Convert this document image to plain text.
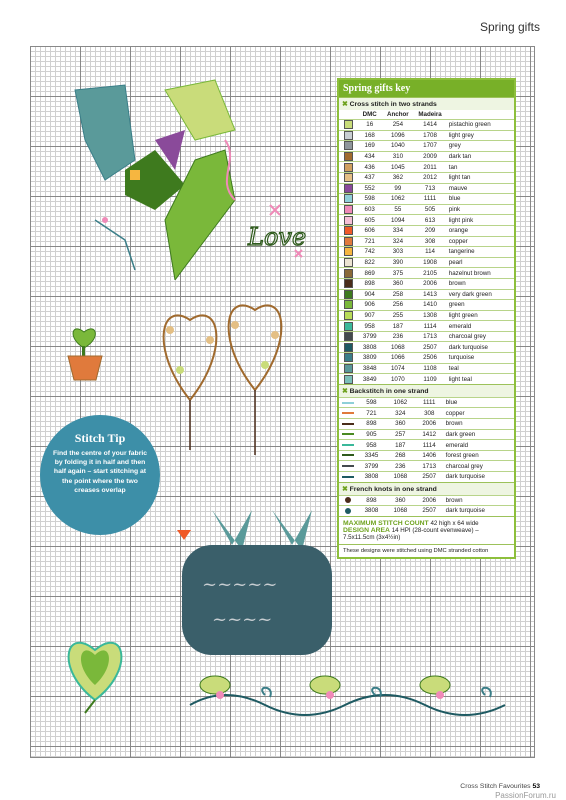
Spring gifts
Love
~~~~~
~~~~
Spring gifts key
✖ Cross stitch in two strands
	DMC	Anchor	Madeira	
	16	254	1414	pistachio green
	168	1096	1708	light grey
	169	1040	1707	grey
	434	310	2009	dark tan
	436	1045	2011	tan
	437	362	2012	light tan
	552	99	713	mauve
	598	1062	1111	blue
	603	55	505	pink
	605	1094	613	light pink
	606	334	209	orange
	721	324	308	copper
	742	303	114	tangerine
	822	390	1908	pearl
	869	375	2105	hazelnut brown
	898	360	2006	brown
	904	258	1413	very dark green
	906	256	1410	green
	907	255	1308	light green
	958	187	1114	emerald
	3799	236	1713	charcoal grey
	3808	1068	2507	dark turquoise
	3809	1066	2506	turquoise
	3848	1074	1108	teal
	3849	1070	1109	light teal
✖ Backstitch in one strand
	598	1062	1111	blue
	721	324	308	copper
	898	360	2006	brown
	905	257	1412	dark green
	958	187	1114	emerald
	3345	268	1406	forest green
	3799	236	1713	charcoal grey
	3808	1068	2507	dark turquoise
✖ French knots in one strand
	898	360	2006	brown
	3808	1068	2507	dark turquoise
MAXIMUM STITCH COUNT 42 high x 64 wide
DESIGN AREA 14 HPI (28-count evenweave) – 7.5x11.5cm (3x4½in)
These designs were stitched using DMC stranded cotton
Stitch Tip
Find the centre of your fabric by folding it in half and then half again – start stitching at the point where the two creases overlap
Cross Stitch Favourites 53
PassionForum.ru
